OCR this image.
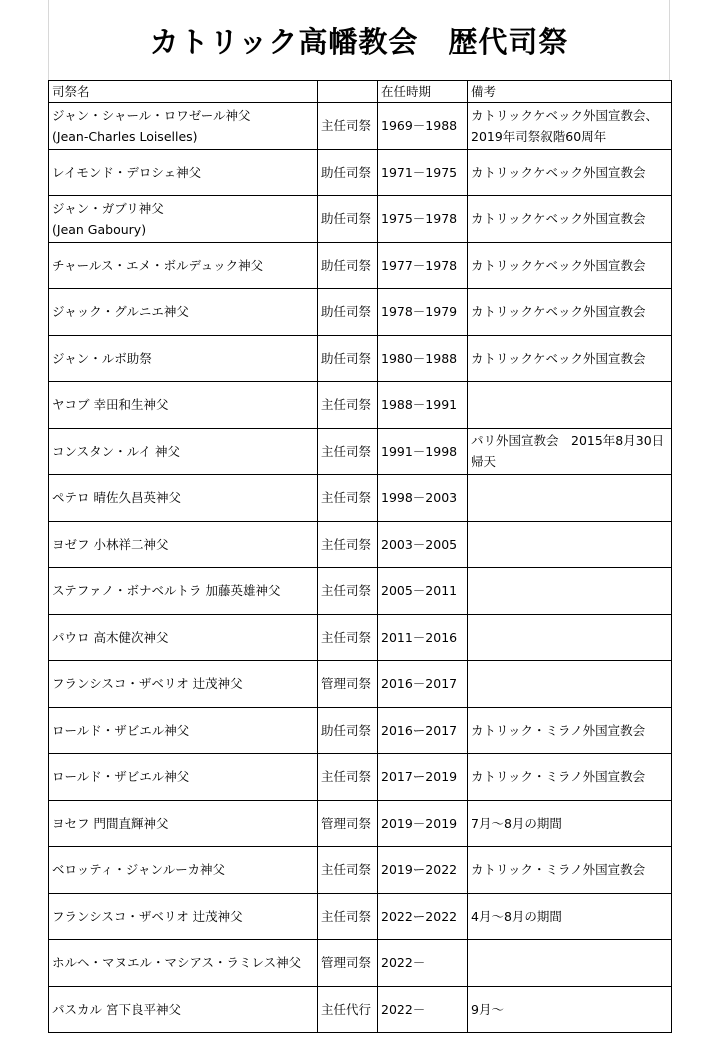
カトリック高幡教会　歴代司祭
司祭名		在任時期	備考

ジャン・シャール・ロワゼール神父
(Jean-Charles Loiselles)	主任司祭	1969－1988	カトリックケベック外国宣教会、
2019年司祭叙階60周年

レイモンド・デロシェ神父	助任司祭	1971－1975	カトリックケベック外国宣教会

ジャン・ガブリ神父
(Jean Gaboury)	助任司祭	1975－1978	カトリックケベック外国宣教会

チャールス・エメ・ボルデュック神父	助任司祭	1977－1978	カトリックケベック外国宣教会

ジャック・グルニエ神父	助任司祭	1978－1979	カトリックケベック外国宣教会

ジャン・ルボ助祭	助任司祭	1980－1988	カトリックケベック外国宣教会

ヤコブ 幸田和生神父	主任司祭	1988－1991	

コンスタン・ルイ 神父	主任司祭	1991－1998	パリ外国宣教会　2015年8月30日
帰天

ペテロ 晴佐久昌英神父	主任司祭	1998－2003	

ヨゼフ 小林祥二神父	主任司祭	2003－2005	

ステファノ・ボナベルトラ 加藤英雄神父	主任司祭	2005－2011	

パウロ 高木健次神父	主任司祭	2011－2016	

フランシスコ・ザベリオ 辻茂神父	管理司祭	2016－2017	

ロールド・ザビエル神父	助任司祭	2016ー2017	カトリック・ミラノ外国宣教会

ロールド・ザビエル神父	主任司祭	2017ー2019	カトリック・ミラノ外国宣教会

ヨセフ 門間直輝神父	管理司祭	2019－2019	7月～8月の期間

ベロッティ・ジャンルーカ神父	主任司祭	2019ー2022	カトリック・ミラノ外国宣教会

フランシスコ・ザベリオ 辻茂神父	主任司祭	2022ー2022	4月～8月の期間

ホルヘ・マヌエル・マシアス・ラミレス神父	管理司祭	2022－	

パスカル 宮下良平神父	主任代行	2022－	9月～
